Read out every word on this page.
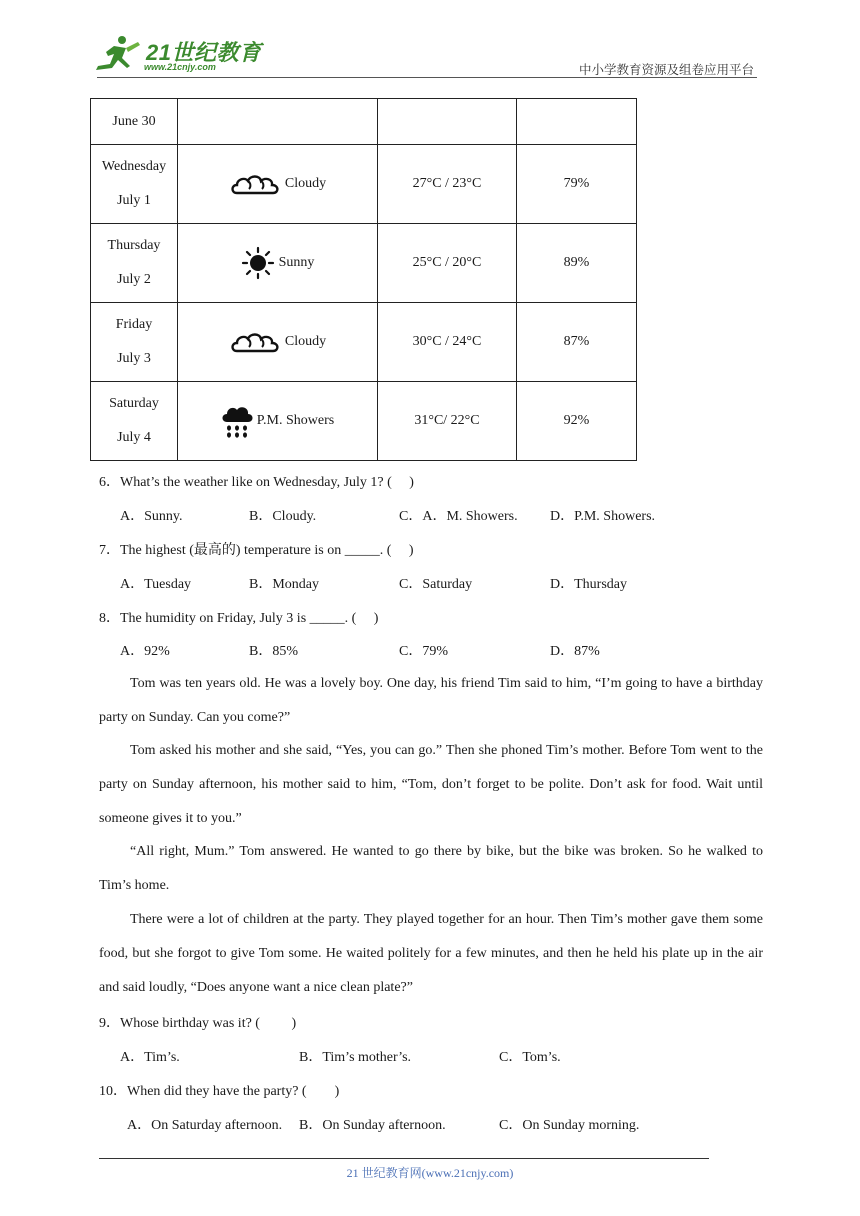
21世纪教育
www.21cnjy.com	中小学教育资源及组卷应用平台
June 30			

Wednesday
July 1	Cloudy	27°C / 23°C	79%

Thursday
July 2	Sunny	25°C / 20°C	89%

Friday
July 3	Cloudy	30°C / 24°C	87%

Saturday
July 4	P.M. Showers	31°C/ 22°C	92%
6．What’s the weather like on Wednesday, July 1? (　 )
A．Sunny.	B．Cloudy.	C．A．M. Showers. D．P.M. Showers.
7．The highest (最高的) temperature is on _____. (　 )
A．Tuesday	B．Monday	C．Saturday	D．Thursday
8．The humidity on Friday, July 3 is _____. (　 )
A．92%	B．85%	C．79%	D．87%
Tom was ten years old. He was a lovely boy. One day, his friend Tim said to him, “I’m going to have a birthday party on Sunday. Can you come?”
Tom asked his mother and she said, “Yes, you can go.” Then she phoned Tim’s mother. Before Tom went to the party on Sunday afternoon, his mother said to him, “Tom, don’t forget to be polite. Don’t ask for food. Wait until someone gives it to you.”
“All right, Mum.” Tom answered. He wanted to go there by bike, but the bike was broken. So he walked to Tim’s home.
There were a lot of children at the party. They played together for an hour. Then Tim’s mother gave them some food, but she forgot to give Tom some. He waited politely for a few minutes, and then he held his plate up in the air and said loudly, “Does anyone want a nice clean plate?”
9．Whose birthday was it? (　　 )
A．Tim’s.	B．Tim’s mother’s.	C．Tom’s.
10．When did they have the party? (　　)
A．On Saturday afternoon. B．On Sunday afternoon.	C．On Sunday morning.
21 世纪教育网(www.21cnjy.com)
